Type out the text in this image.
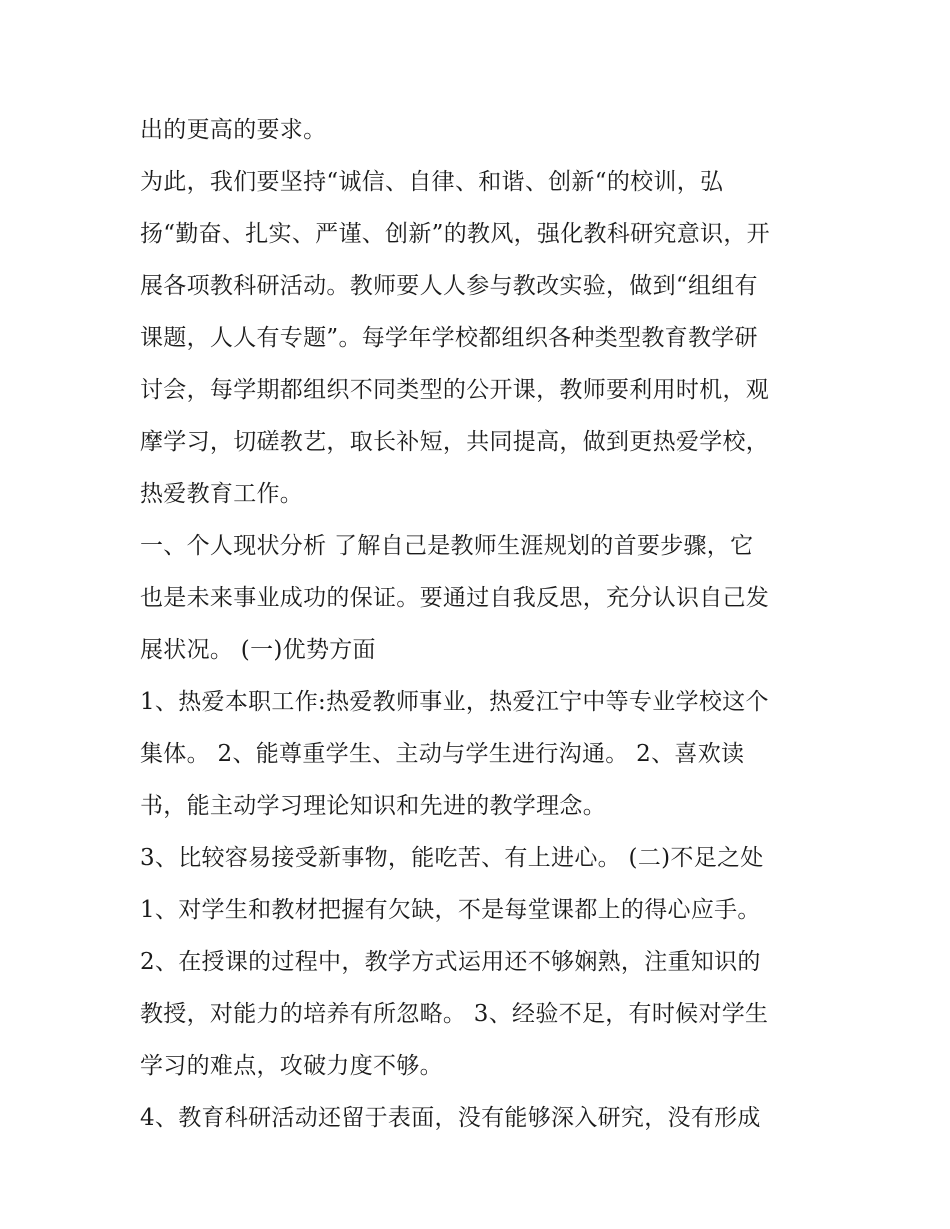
出的更高的要求。
为此，我们要坚持“诚信、自律、和谐、创新“的校训，弘
扬“勤奋、扎实、严谨、创新”的教风，强化教科研究意识，开
展各项教科研活动。教师要人人参与教改实验，做到“组组有
课题，人人有专题”。每学年学校都组织各种类型教育教学研
讨会，每学期都组织不同类型的公开课，教师要利用时机，观
摩学习，切磋教艺，取长补短，共同提高，做到更热爱学校，
热爱教育工作。
一、个人现状分析 了解自己是教师生涯规划的首要步骤，它
也是未来事业成功的保证。要通过自我反思，充分认识自己发
展状况。 (一)优势方面
1、热爱本职工作:热爱教师事业，热爱江宁中等专业学校这个
集体。 2、能尊重学生、主动与学生进行沟通。 2、喜欢读
书，能主动学习理论知识和先进的教学理念。
3、比较容易接受新事物，能吃苦、有上进心。 (二)不足之处
1、对学生和教材把握有欠缺，不是每堂课都上的得心应手。
2、在授课的过程中，教学方式运用还不够娴熟，注重知识的
教授，对能力的培养有所忽略。 3、经验不足，有时候对学生
学习的难点，攻破力度不够。
4、教育科研活动还留于表面，没有能够深入研究，没有形成
